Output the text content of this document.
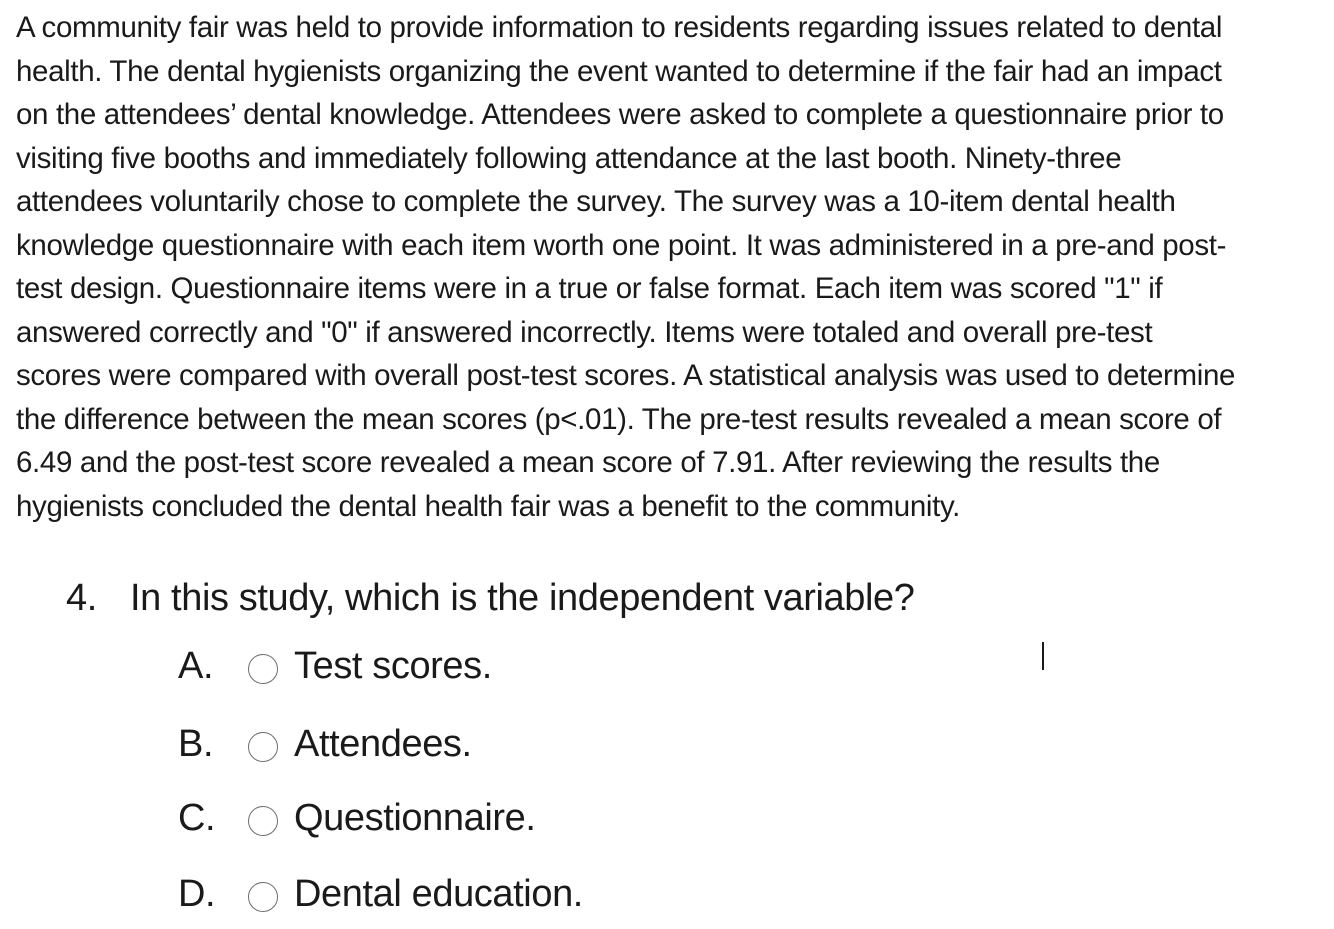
A community fair was held to provide information to residents regarding issues related to dental
health. The dental hygienists organizing the event wanted to determine if the fair had an impact
on the attendees’ dental knowledge. Attendees were asked to complete a questionnaire prior to
visiting five booths and immediately following attendance at the last booth. Ninety-three
attendees voluntarily chose to complete the survey. The survey was a 10-item dental health
knowledge questionnaire with each item worth one point. It was administered in a pre-and post-
test design. Questionnaire items were in a true or false format. Each item was scored "1" if
answered correctly and "0" if answered incorrectly. Items were totaled and overall pre-test
scores were compared with overall post-test scores. A statistical analysis was used to determine
the difference between the mean scores (p<.01). The pre-test results revealed a mean score of
6.49 and the post-test score revealed a mean score of 7.91. After reviewing the results the
hygienists concluded the dental health fair was a benefit to the community.
4. In this study, which is the independent variable?
A.	Test scores.
B.	Attendees.
C.	Questionnaire.
D.	Dental education.
